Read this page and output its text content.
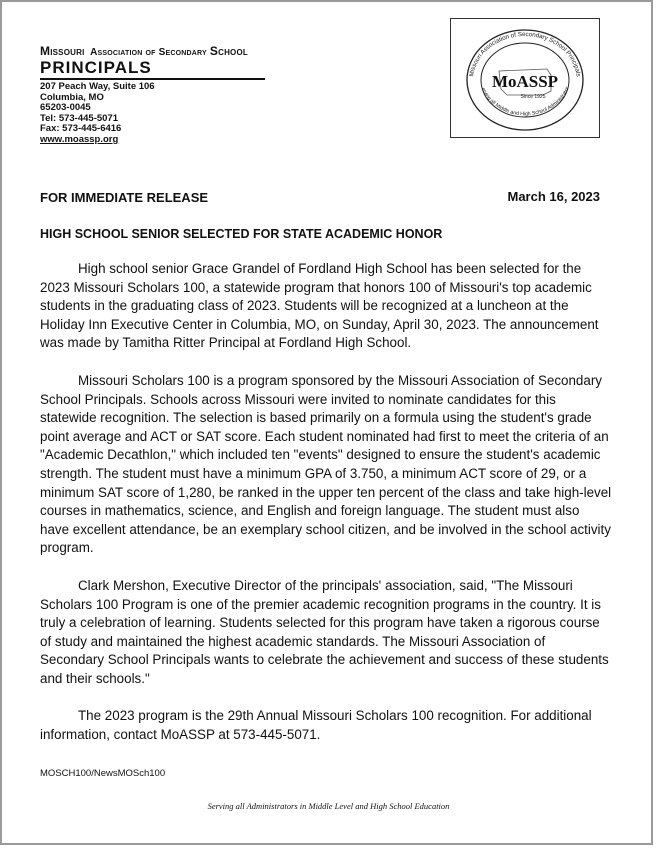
Missouri Association of Secondary School
PRINCIPALS
207 Peach Way, Suite 106
Columbia, MO
65203-0045
Tel: 573-445-5071
Fax: 573-445-6416
www.moassp.org
Missouri Association of Secondary School Principals
erving all Middle and High School Administrator
MoASSP
Since 1925
FOR IMMEDIATE RELEASE	March 16, 2023
HIGH SCHOOL SENIOR SELECTED FOR STATE ACADEMIC HONOR

High school senior Grace Grandel of Fordland High School has been selected for the 2023 Missouri Scholars 100, a statewide program that honors 100 of Missouri's top academic students in the graduating class of 2023. Students will be recognized at a luncheon at the Holiday Inn Executive Center in Columbia, MO, on Sunday, April 30, 2023. The announcement was made by Tamitha Ritter Principal at Fordland High School.

Missouri Scholars 100 is a program sponsored by the Missouri Association of Secondary School Principals. Schools across Missouri were invited to nominate candidates for this statewide recognition. The selection is based primarily on a formula using the student's grade point average and ACT or SAT score. Each student nominated had first to meet the criteria of an "Academic Decathlon," which included ten "events" designed to ensure the student's academic strength. The student must have a minimum GPA of 3.750, a minimum ACT score of 29, or a minimum SAT score of 1,280, be ranked in the upper ten percent of the class and take high-level courses in mathematics, science, and English and foreign language. The student must also have excellent attendance, be an exemplary school citizen, and be involved in the school activity program.

Clark Mershon, Executive Director of the principals' association, said, "The Missouri Scholars 100 Program is one of the premier academic recognition programs in the country. It is truly a celebration of learning. Students selected for this program have taken a rigorous course of study and maintained the highest academic standards. The Missouri Association of Secondary School Principals wants to celebrate the achievement and success of these students and their schools."

The 2023 program is the 29th Annual Missouri Scholars 100 recognition. For additional information, contact MoASSP at 573-445-5071.

MOSCH100/NewsMOSch100
Serving all Administrators in Middle Level and High School Education
